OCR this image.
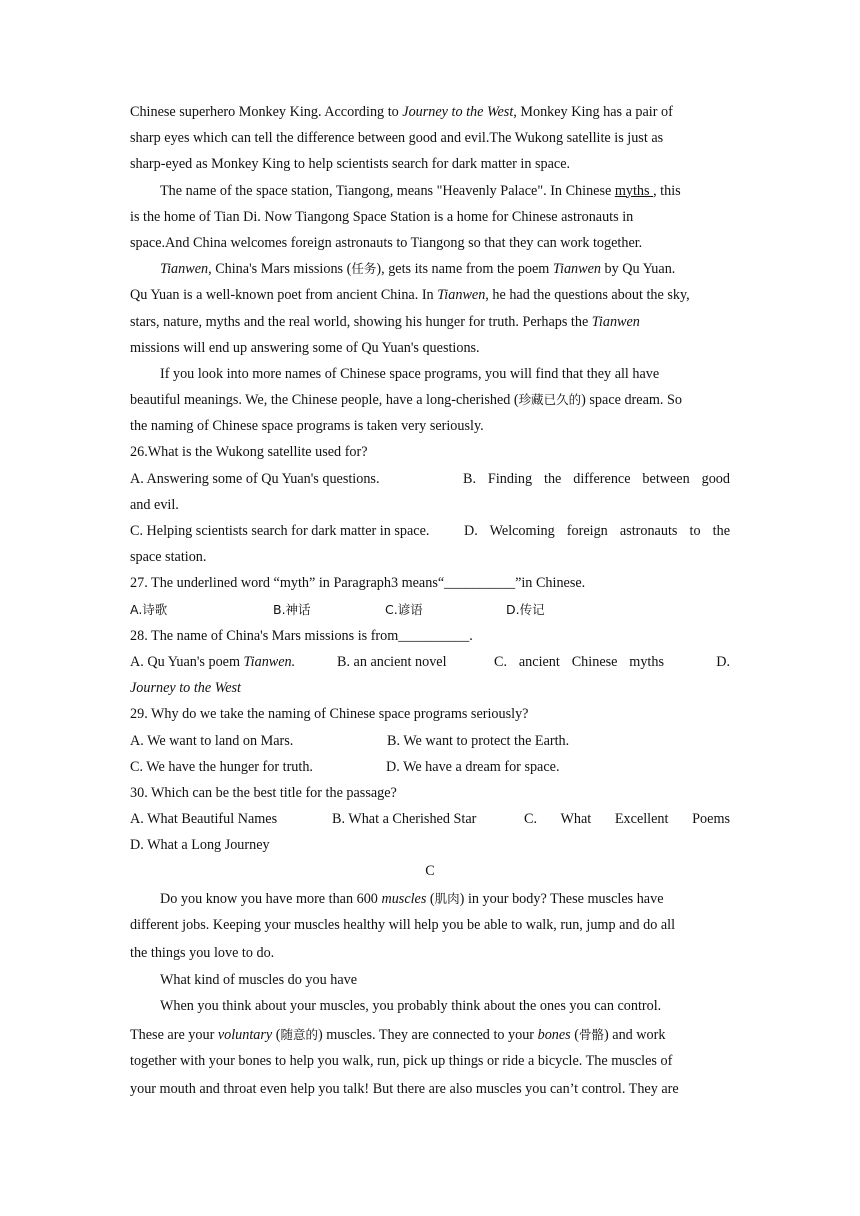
Chinese superhero Monkey King. According to Journey to the West, Monkey King has a pair of
sharp eyes which can tell the difference between good and evil.The Wukong satellite is just as
sharp-eyed as Monkey King to help scientists search for dark matter in space.
The name of the space station, Tiangong, means "Heavenly Palace". In Chinese myths , this
is the home of Tian Di. Now Tiangong Space Station is a home for Chinese astronauts in
space.And China welcomes foreign astronauts to Tiangong so that they can work together.
Tianwen, China's Mars missions (任务), gets its name from the poem Tianwen by Qu Yuan.
Qu Yuan is a well-known poet from ancient China. In Tianwen, he had the questions about the sky,
stars, nature, myths and the real world, showing his hunger for truth. Perhaps the Tianwen
missions will end up answering some of Qu Yuan's questions.
If you look into more names of Chinese space programs, you will find that they all have
beautiful meanings. We, the Chinese people, have a long-cherished (珍藏已久的) space dream. So
the naming of Chinese space programs is taken very seriously.
26.What is the Wukong satellite used for?
A. Answering some of Qu Yuan's questions.	B. Finding the difference between good
and evil.
C. Helping scientists search for dark matter in space. D. Welcoming foreign astronauts to the
space station.
27. The underlined word “myth” in Paragraph3 means“__________”in Chinese.
A.诗歌	B.神话	C.谚语	D.传记
28. The name of China's Mars missions is from__________.
A. Qu Yuan's poem Tianwen.	B. an ancient novel	C. ancient Chinese myths	D.
Journey to the West
29. Why do we take the naming of Chinese space programs seriously?
A. We want to land on Mars.	B. We want to protect the Earth.
C. We have the hunger for truth.	D. We have a dream for space.
30. Which can be the best title for the passage?
A. What Beautiful Names	B. What a Cherished Star	C. What Excellent Poems
D. What a Long Journey
C
Do you know you have more than 600 muscles (肌肉) in your body? These muscles have
different jobs. Keeping your muscles healthy will help you be able to walk, run, jump and do all
the things you love to do.
What kind of muscles do you have
When you think about your muscles, you probably think about the ones you can control.
These are your voluntary (随意的) muscles. They are connected to your bones (骨骼) and work
together with your bones to help you walk, run, pick up things or ride a bicycle. The muscles of
your mouth and throat even help you talk! But there are also muscles you can’t control. They are
